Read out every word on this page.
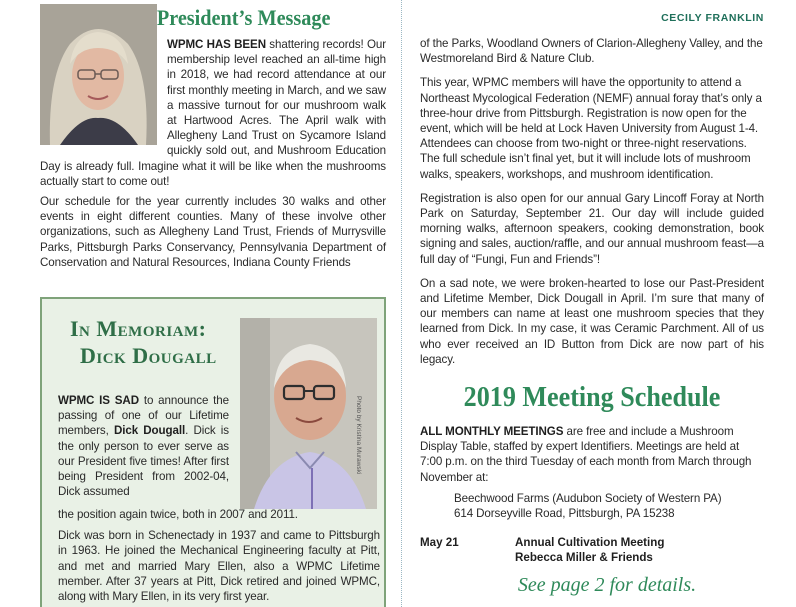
President’s Message

WPMC HAS BEEN shattering records! Our membership level reached an all-time high in 2018, we had record attendance at our first monthly meeting in March, and we saw a massive turnout for our mushroom walk at Hartwood Acres. The April walk with Allegheny Land Trust on Sycamore Island quickly sold out, and Mushroom Education Day is already full. Imagine what it will be like when the mushrooms actually start to come out!

Our schedule for the year currently includes 30 walks and other events in eight different counties. Many of these involve other organizations, such as Allegheny Land Trust, Friends of Murrysville Parks, Pittsburgh Parks Conservancy, Pennsylvania Department of Conservation and Natural Resources, Indiana County Friends

In Memoriam:
Dick Dougall
WPMC IS SAD to announce the passing of one of our Lifetime members, Dick Dougall. Dick is the only person to ever serve as our President five times! After first being President from 2002-04, Dick assumed

the position again twice, both in 2007 and 2011.

Dick was born in Schenectady in 1937 and came to Pittsburgh in 1963. He joined the Mechanical Engineering faculty at Pitt, and met and married Mary Ellen, also a WPMC Lifetime member. After 37 years at Pitt, Dick retired and joined WPMC, along with Mary Ellen, in its very first year.

Photo by Kristina Murawski
CECILY FRANKLIN

of the Parks, Woodland Owners of Clarion-Allegheny Valley, and the Westmoreland Bird & Nature Club.

This year, WPMC members will have the opportunity to attend a Northeast Mycological Federation (NEMF) annual foray that’s only a three-hour drive from Pittsburgh. Registration is now open for the event, which will be held at Lock Haven University from August 1-4. Attendees can choose from two-night or three-night reservations. The full schedule isn’t final yet, but it will include lots of mushroom walks, speakers, workshops, and mushroom identification.

Registration is also open for our annual Gary Lincoff Foray at North Park on Saturday, September 21. Our day will include guided morning walks, afternoon speakers, cooking demonstration, book signing and sales, auction/raffle, and our annual mushroom feast—a full day of “Fungi, Fun and Friends”!

On a sad note, we were broken-hearted to lose our Past-President and Lifetime Member, Dick Dougall in April. I’m sure that many of our members can name at least one mushroom species that they learned from Dick. In my case, it was Ceramic Parchment. All of us who ever received an ID Button from Dick are now part of his legacy.

2019 Meeting Schedule

ALL MONTHLY MEETINGS are free and include a Mushroom Display Table, staffed by expert Identifiers. Meetings are held at 7:00 p.m. on the third Tuesday of each month from March through November at:

Beechwood Farms (Audubon Society of Western PA)
614 Dorseyville Road, Pittsburgh, PA 15238
May 21	Annual Cultivation Meeting
Rebecca Miller & Friends
See page 2 for details.
